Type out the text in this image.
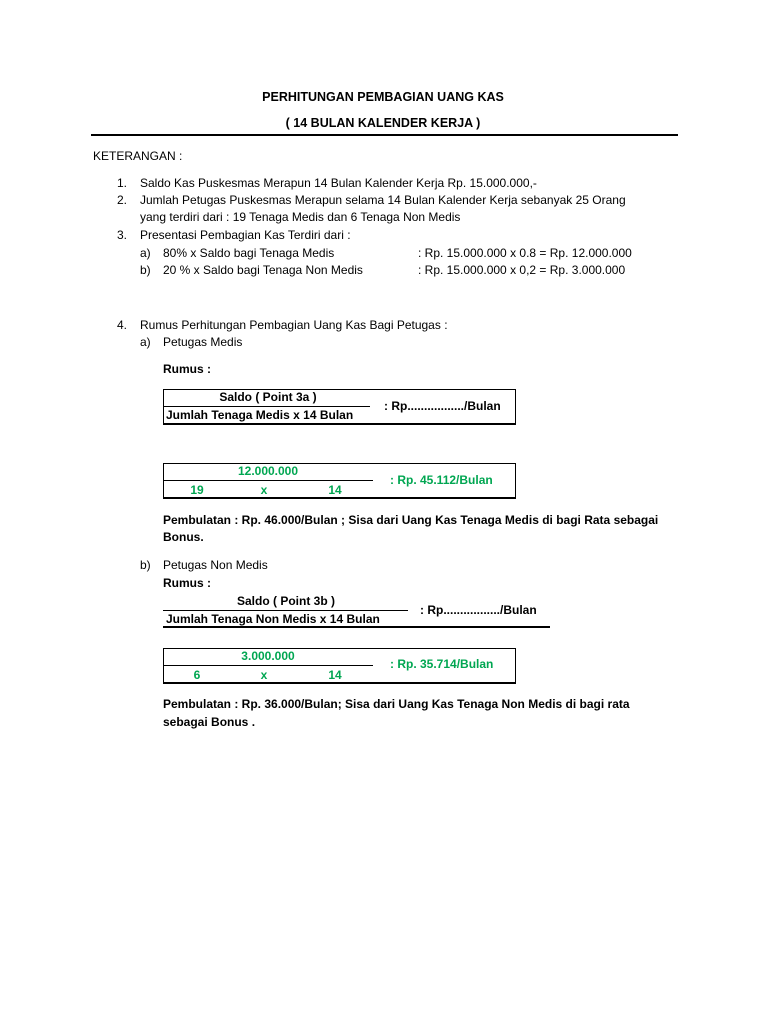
PERHITUNGAN PEMBAGIAN UANG KAS
( 14 BULAN KALENDER KERJA )
KETERANGAN :
1. Saldo Kas Puskesmas Merapun 14 Bulan Kalender Kerja Rp. 15.000.000,-
2. Jumlah Petugas Puskesmas Merapun selama 14 Bulan Kalender Kerja sebanyak 25 Orang
yang terdiri dari : 19 Tenaga Medis dan 6 Tenaga Non Medis
3. Presentasi Pembagian Kas Terdiri dari :
a) 80% x Saldo bagi Tenaga Medis	: Rp. 15.000.000 x 0.8 = Rp. 12.000.000
b) 20 % x Saldo bagi Tenaga Non Medis	: Rp. 15.000.000 x 0,2 = Rp. 3.000.000
4. Rumus Perhitungan Pembagian Uang Kas Bagi Petugas :
a) Petugas Medis
Rumus :
Saldo ( Point 3a )
Jumlah Tenaga Medis x 14 Bulan
: Rp................./Bulan
12.000.000
19	x	14
: Rp. 45.112/Bulan
Pembulatan : Rp. 46.000/Bulan ; Sisa dari Uang Kas Tenaga Medis di bagi Rata sebagai
Bonus.
b) Petugas Non Medis
Rumus :
Saldo ( Point 3b )
Jumlah Tenaga Non Medis x 14 Bulan
: Rp................./Bulan
3.000.000
6	x	14
: Rp. 35.714/Bulan
Pembulatan : Rp. 36.000/Bulan; Sisa dari Uang Kas Tenaga Non Medis di bagi rata
sebagai Bonus .
